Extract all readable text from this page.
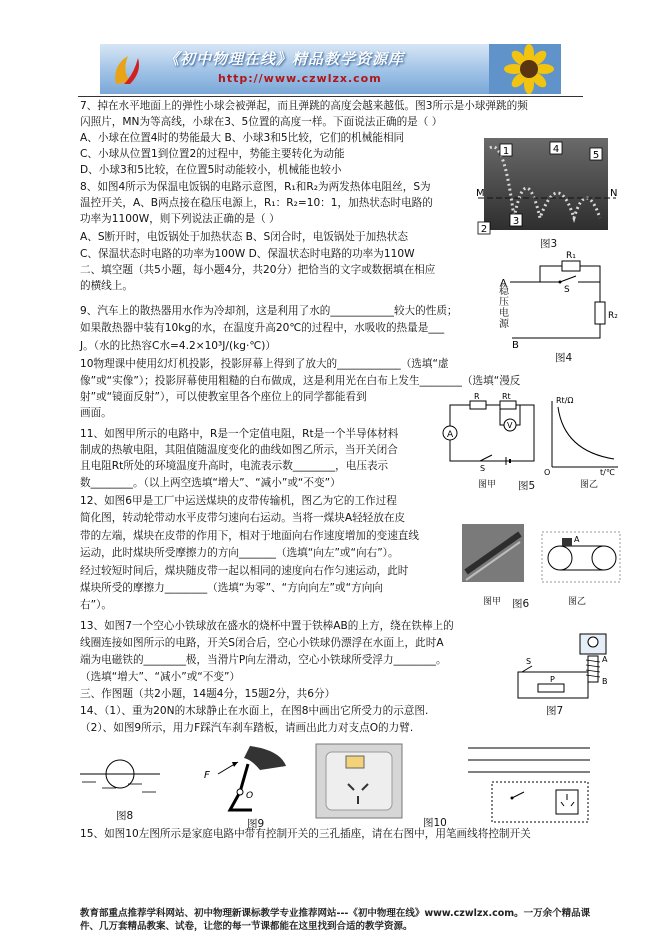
《初中物理在线》精品教学资源库
http://www.czwlzx.com
7、掉在水平地面上的弹性小球会被弹起，而且弹跳的高度会越来越低。图3所示是小球弹跳的频
闪照片，MN为等高线，小球在3、5位置的高度一样。下面说法正确的是（ ）
A、小球在位置4时的势能最大 B、小球3和5比较，它们的机械能相同
C、小球从位置1到位置2的过程中，势能主要转化为动能
D、小球3和5比较，在位置5时动能较小，机械能也较小
8、如图4所示为保温电饭锅的电路示意图，R₁和R₂为两发热体电阻丝，S为
温控开关，A、B两点接在稳压电源上，R₁：R₂=10：1，加热状态时电路的
功率为1100W，则下列说法正确的是（ ）
A、S断开时，电饭锅处于加热状态 B、S闭合时，电饭锅处于加热状态
C、保温状态时电路的功率为100W D、保温状态时电路的功率为110W
二、填空题（共5小题，每小题4分，共20分）把恰当的文字或数据填在相应
的横线上。
9、汽车上的散热器用水作为冷却剂，这是利用了水的____________较大的性质；
如果散热器中装有10kg的水，在温度升高20℃的过程中，水吸收的热量是___
J。（水的比热容C水=4.2×10³J/(kg·℃)）
10物理课中使用幻灯机投影，投影屏幕上得到了放大的____________（选填“虚
像”或“实像”）；投影屏幕使用粗糙的白布做成，这是利用光在白布上发生________（选填“漫反
射”或“镜面反射”），可以使教室里各个座位上的同学都能看到
画面。
11、如图甲所示的电路中，R是一个定值电阻，Rt是一个半导体材料
制成的热敏电阻，其阻值随温度变化的曲线如图乙所示，当开关闭合
且电阻Rt所处的环境温度升高时，电流表示数________，电压表示
数________。（以上两空选填“增大”、“减小”或“不变”）
12、如图6甲是工厂中运送煤块的皮带传输机，图乙为它的工作过程
简化图，转动轮带动水平皮带匀速向右运动。当将一煤块A轻轻放在皮
带的左端，煤块在皮带的作用下，相对于地面向右作速度增加的变速直线
运动，此时煤块所受摩擦力的方向_______（选填“向左”或“向右”）。
经过较短时间后，煤块随皮带一起以相同的速度向右作匀速运动，此时
煤块所受的摩擦力________（选填“为零”、“方向向左”或“方向向
右”）。
13、如图7一个空心小铁球放在盛水的烧杯中置于铁棒AB的上方，绕在铁棒上的
线圈连接如图所示的电路，开关S闭合后，空心小铁球仍漂浮在水面上，此时A
端为电磁铁的________极，当滑片P向左滑动，空心小铁球所受浮力________。
（选填“增大”、“减小”或“不变”）
三、作图题（共2小题，14题4分，15题2分，共6分）
14、（1）、重为20N的木球静止在水面上，在图8中画出它所受力的示意图.
（2）、如图9所示，用力F踩汽车刹车踏板，请画出此力对支点O的力臂.
15、如图10左图所示是家庭电路中带有控制开关的三孔插座，请在右图中，用笔画线将控制开关
1
2
3
4
5
M	N
图3
R₁
S
R₂
A
B
稳压电源
图4
A
R	Rt
V
S
Rt/Ω
O	t/℃
图甲 图5	图乙
A
图甲	图乙
图6
A
B
P
S
图7
图8
F
O
图9	图10
教育部重点推荐学科网站、初中物理新课标教学专业推荐网站---《初中物理在线》www.czwlzx.com。一万余个精品课
件、几万套精品教案、试卷，让您的每一节课都能在这里找到合适的教学资源。
